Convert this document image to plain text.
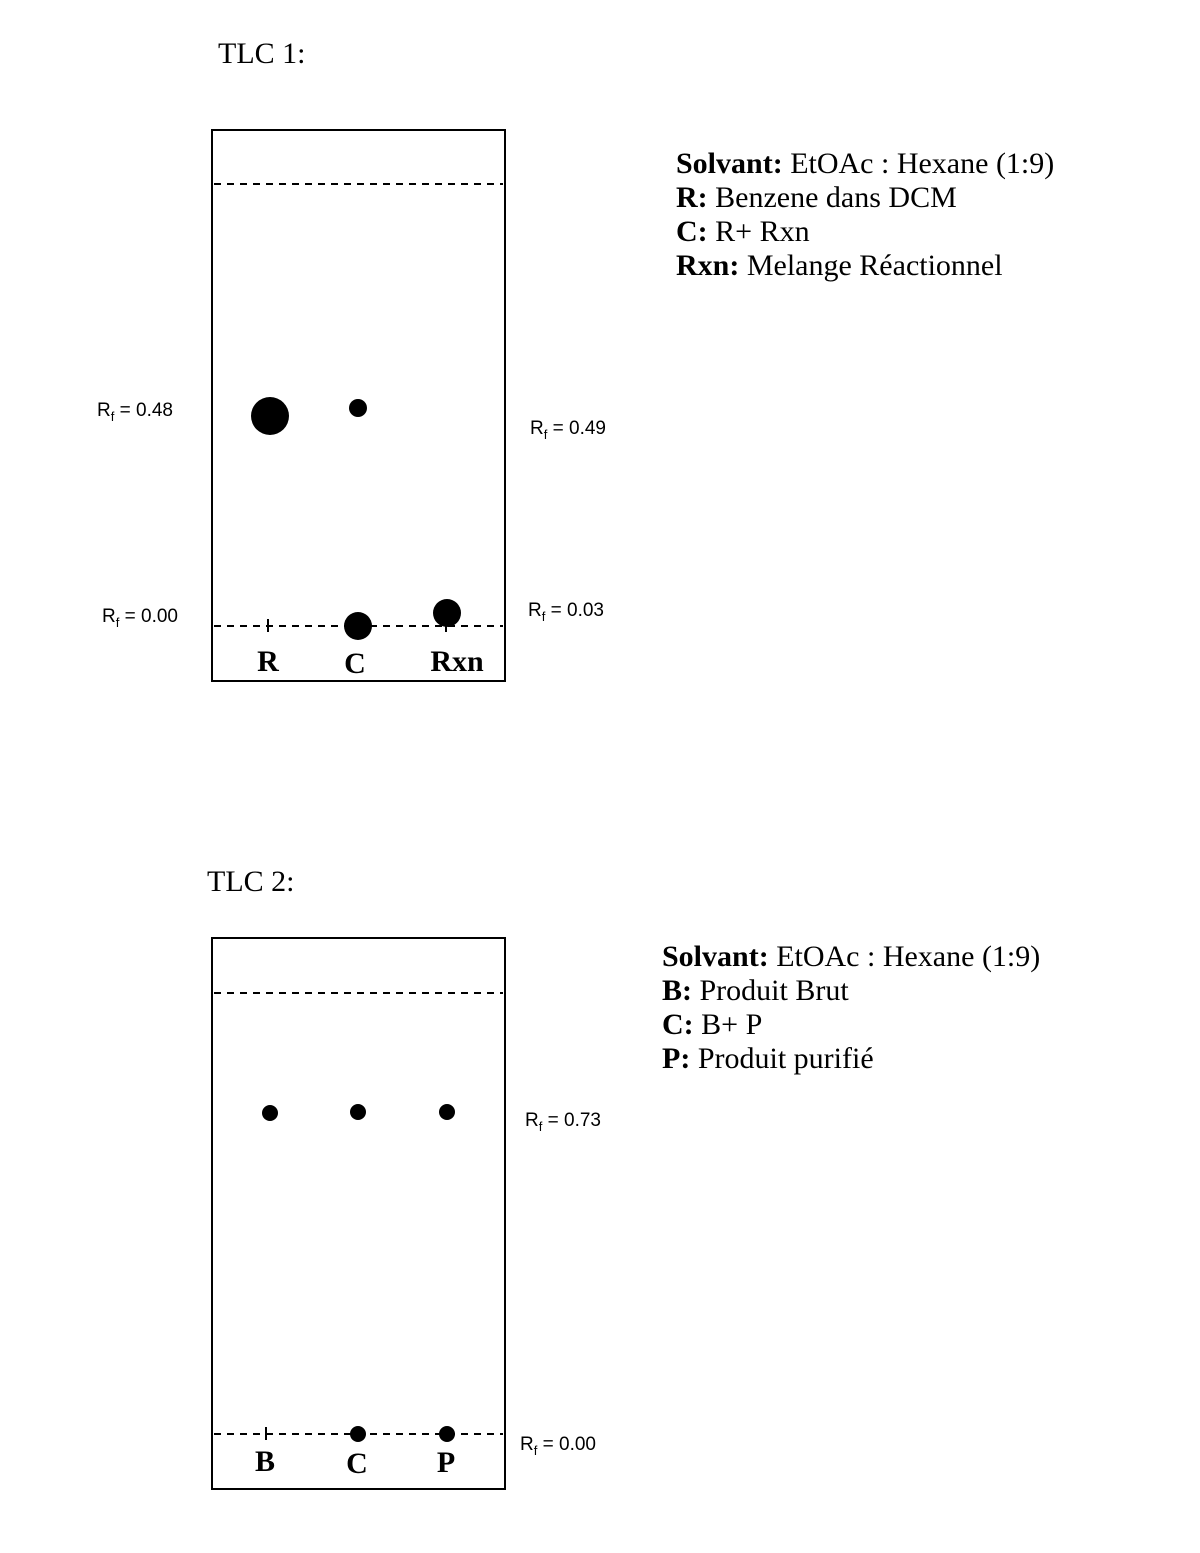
TLC 1:
R C Rxn
$R_f = 0.48$
$R_f = 0.49$
$R_f = 0.00$	$R_f = 0.03$
Solvant: EtOAc : Hexane (1:9)
R: Benzene dans DCM
C: R+ Rxn
Rxn: Melange Réactionnel
TLC 2:
B C P
$R_f = 0.73$
$R_f = 0.00$
Solvant: EtOAc : Hexane (1:9)
B: Produit Brut
C: B+ P
P: Produit purifié
